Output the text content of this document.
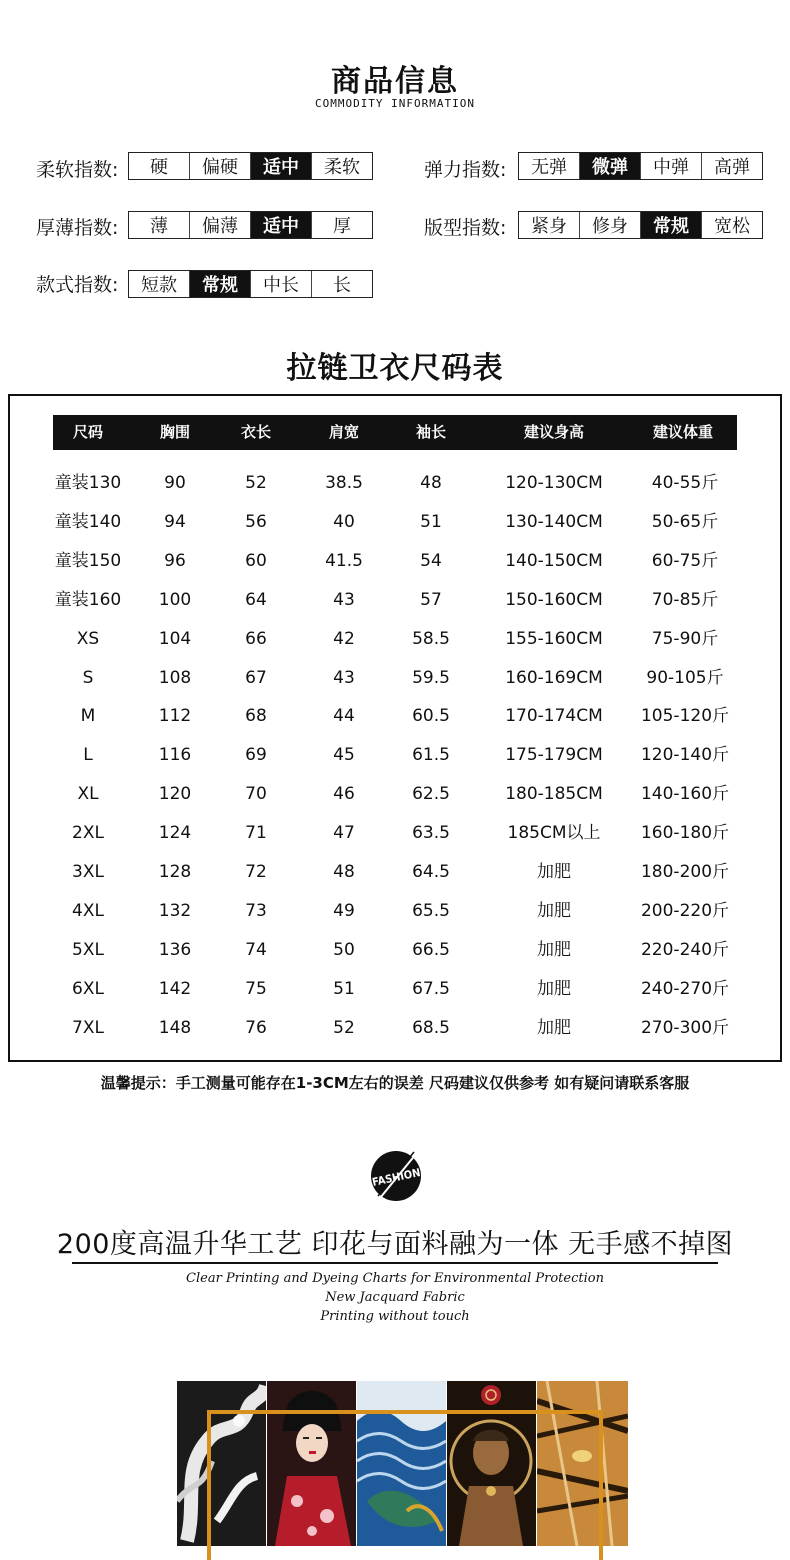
商品信息
COMMODITY INFORMATION
柔软指数:	硬	偏硬	适中	柔软	弹力指数:	无弹	微弹	中弹	高弹
厚薄指数:	薄	偏薄	适中	厚	版型指数:	紧身	修身	常规	宽松
款式指数:	短款	常规	中长	长
拉链卫衣尺码表
尺码	胸围	衣长	肩宽	袖长	建议身高	建议体重
童装130	90	52	38.5	48	120-130CM	40-55斤
童装140	94	56	40	51	130-140CM	50-65斤
童装150	96	60	41.5	54	140-150CM	60-75斤
童装160	100	64	43	57	150-160CM	70-85斤
XS	104	66	42	58.5	155-160CM	75-90斤
S	108	67	43	59.5	160-169CM	90-105斤
M	112	68	44	60.5	170-174CM	105-120斤
L	116	69	45	61.5	175-179CM	120-140斤
XL	120	70	46	62.5	180-185CM	140-160斤
2XL	124	71	47	63.5	185CM以上	160-180斤
3XL	128	72	48	64.5	加肥	180-200斤
4XL	132	73	49	65.5	加肥	200-220斤
5XL	136	74	50	66.5	加肥	220-240斤
6XL	142	75	51	67.5	加肥	240-270斤
7XL	148	76	52	68.5	加肥	270-300斤
温馨提示：手工测量可能存在1-3CM左右的误差 尺码建议仅供参考 如有疑问请联系客服
FASHION
200度高温升华工艺 印花与面料融为一体 无手感不掉图
Clear Printing and Dyeing Charts for Environmental Protection
New Jacquard Fabric
Printing without touch
